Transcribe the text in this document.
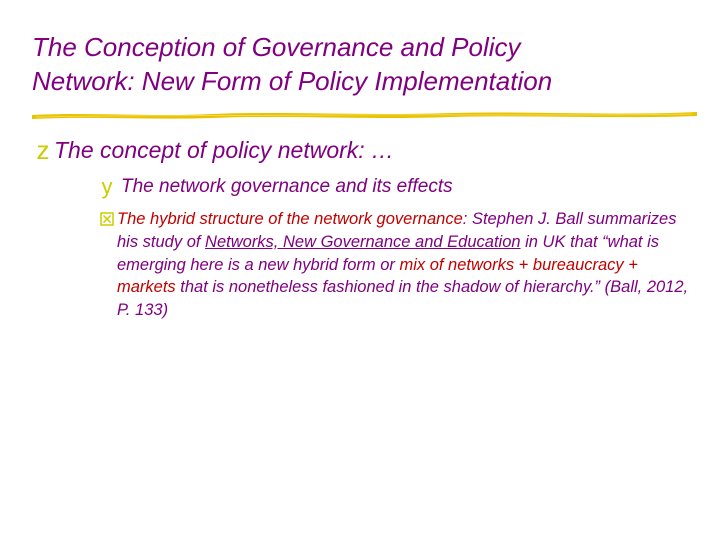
The Conception of Governance and Policy
Network: New Form of Policy Implementation
z The concept of policy network: …
y The network governance and its effects
The hybrid structure of the network governance: Stephen J. Ball summarizes his study of Networks, New Governance and Education in UK that “what is emerging here is a new hybrid form or mix of networks + bureaucracy + markets that is nonetheless fashioned in the shadow of hierarchy.” (Ball, 2012, P. 133)
